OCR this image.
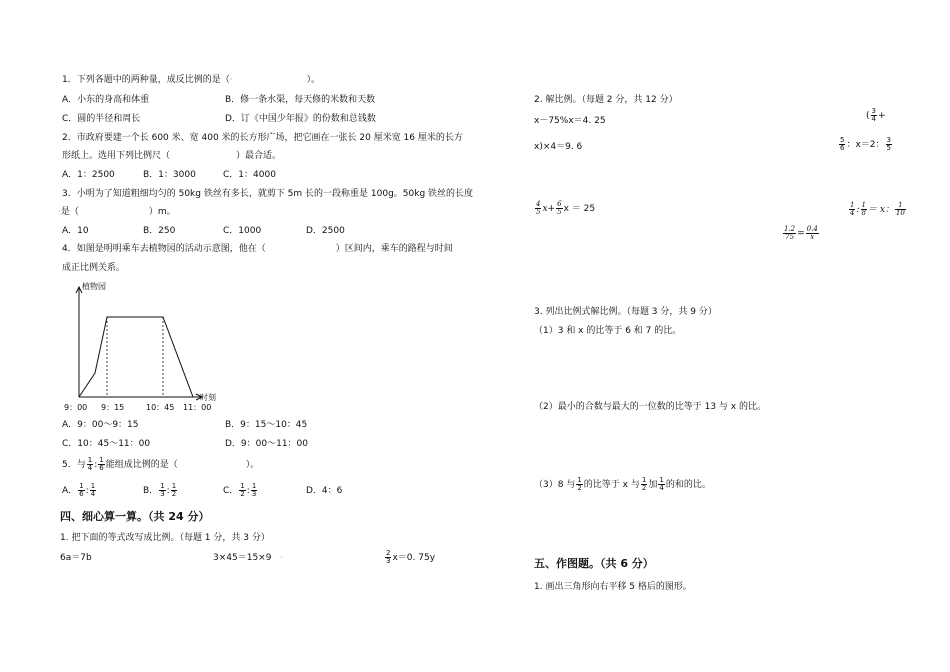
1．下列各题中的两种量，成反比例的是（·	）。
A．小东的身高和体重	B．修一条水渠，每天修的米数和天数
C．圆的半径和周长	D．订《中国少年报》的份数和总钱数
2．市政府要建一个长 600 米、宽 400 米的长方形广场，把它画在一张长 20 厘米宽 16 厘米的长方
形纸上。选用下列比例尺（	）最合适。
A．1：2500	B．1：3000	C．1：4000
3．小明为了知道粗细均匀的 50kg 铁丝有多长，就剪下 5m 长的一段称重是 100g。50kg 铁丝的长度
·是（	）m。
A．10	B．250	C．1000	D．2500
4．如图是明明乘车去植物园的活动示意图，他在（	）区间内，乘车的路程与时间
成正比例关系。
植物园
时刻
9：00 9：15	10：45 11：00
A．9：00～9：15	B．9：15～10：45
C．10：45～11：00	D．9：00～11：00
5．与 $\frac{1}{4}$ : $\frac{1}{6}$ 能组成比例的是（	）。
A． $\frac{1}{6}$ : $\frac{1}{4}$	B． $\frac{1}{3}$ : $\frac{1}{2}$	C． $\frac{1}{2}$ : $\frac{1}{3}$	D．4：6
四、细心算一算。（共 24 分）
1. 把下面的等式改写成比例。（每题 1 分，共 3 分）
6a＝7b	3×45＝15×9 ·	$\frac{2}{3} x=0$. 75y
2. 解比例。（每题 2 分，共 12 分）
x－75%x＝4. 25
x)×4＝9. 6
( $\frac{3}{4}$ +
$\frac{5}{6}$ ：x＝2： $\frac{3}{5}$
$\frac{4}{5} x+ \frac{6}{5}$ x ＝ 25	$\frac{1}{4}$ : $\frac{1}{8} = x$： $\frac{1}{10}$
$\frac{1.2}{75} = \frac{0.4}{x}$
3. 列出比例式解比例。（每题 3 分，共 9 分）
（1）3 和 x 的比等于 6 和 7 的比。
（2）最小的合数与最大的一位数的比等于 13 与 x 的比。
（3）8 与 $\frac{1}{2}$ 的比等于 x 与 $\frac{1}{2}$ 加 $\frac{1}{4}$ 的和的比。
五、作图题。（共 6 分）
1. 画出三角形向右平移 5 格后的图形。
